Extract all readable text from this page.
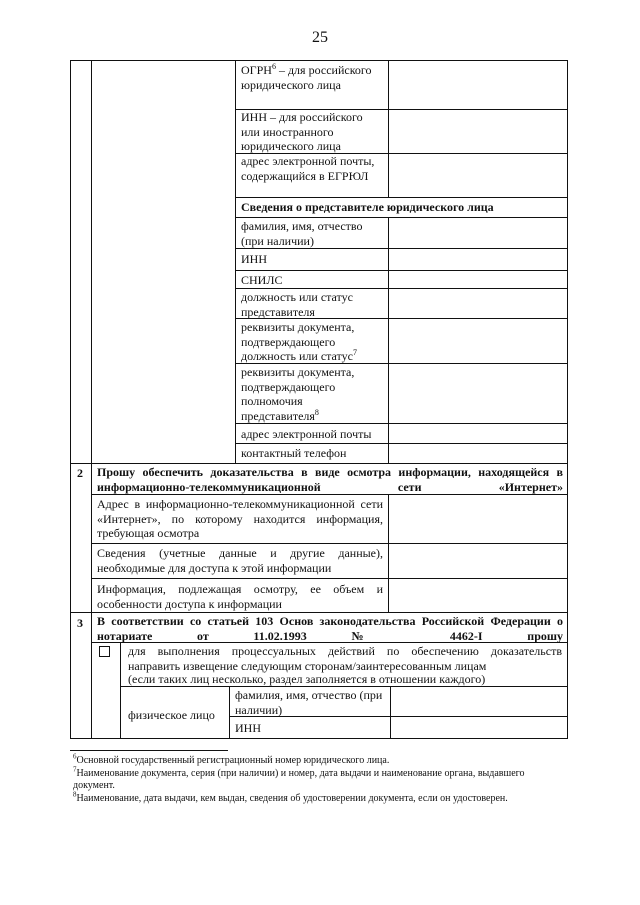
25
ОГРН$^6$ – для российского юридического лица
ИНН – для российского или иностранного юридического лица
адрес электронной почты, содержащийся в ЕГРЮЛ
Сведения о представителе юридического лица
фамилия, имя, отчество (при наличии)
ИНН
СНИЛС
должность или статус представителя
реквизиты документа, подтверждающего должность или статус$^7$
реквизиты документа, подтверждающего полномочия представителя$^8$
адрес электронной почты
контактный телефон
2 Прошу обеспечить доказательства в виде осмотра информации, находящейся в информационно-телекоммуникационной сети «Интернет»
Адрес в информационно-телекоммуникационной сети «Интернет», по которому находится информация, требующая осмотра
Сведения (учетные данные и другие данные), необходимые для доступа к этой информации
Информация, подлежащая осмотру, ее объем и особенности доступа к информации
3 В соответствии со статьей 103 Основ законодательства Российской Федерации о нотариате от 11.02.1993 № 4462-I прошу
для выполнения процессуальных действий по обеспечению доказательств направить извещение следующим сторонам/заинтересованным лицам
(если таких лиц несколько, раздел заполняется в отношении каждого)
физическое лицо
фамилия, имя, отчество (при наличии)
ИНН
$^6$Основной государственный регистрационный номер юридического лица.
$^7$Наименование документа, серия (при наличии) и номер, дата выдачи и наименование органа, выдавшего документ.
$^8$Наименование, дата выдачи, кем выдан, сведения об удостоверении документа, если он удостоверен.
